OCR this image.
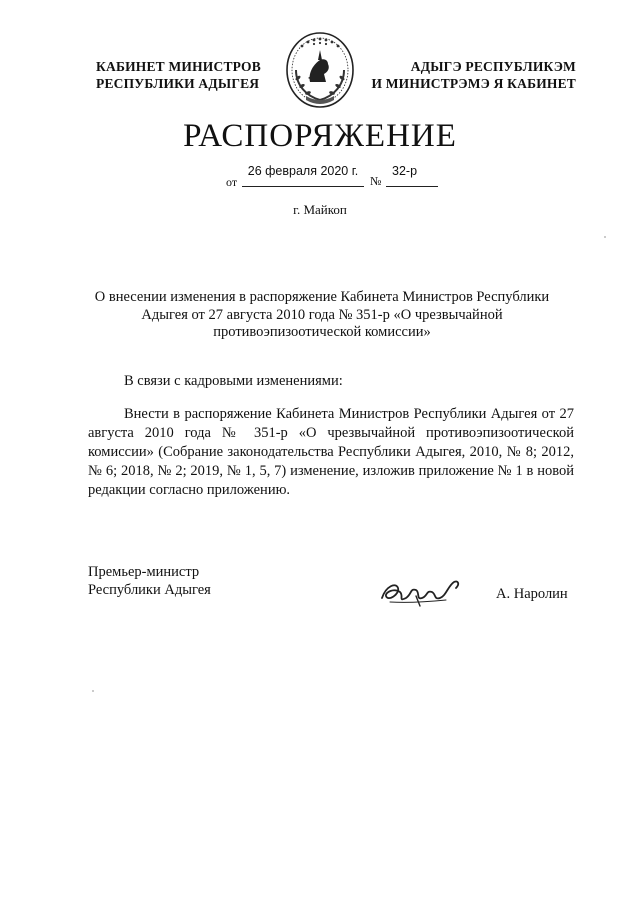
КАБИНЕТ МИНИСТРОВ
РЕСПУБЛИКИ АДЫГЕЯ
АДЫГЭ РЕСПУБЛИКЭМ
И МИНИСТРЭМЭ Я КАБИНЕТ
РАСПОРЯЖЕНИЕ
от
26 февраля 2020 г.
№
32-р
г. Майкоп
О внесении изменения в распоряжение Кабинета Министров Республики Адыгея от 27 августа 2010 года № 351-р «О чрезвычайной противоэпизоотической комиссии»
В связи с кадровыми изменениями:
Внести в распоряжение Кабинета Министров Республики Адыгея от 27 августа 2010 года № 351-р «О чрезвычайной противоэпизоотической комиссии» (Собрание законодательства Республики Адыгея, 2010, № 8; 2012, № 6; 2018, № 2; 2019, № 1, 5, 7) изменение, изложив приложение № 1 в новой редакции согласно приложению.
Премьер-министр
Республики Адыгея	А. Наролин
